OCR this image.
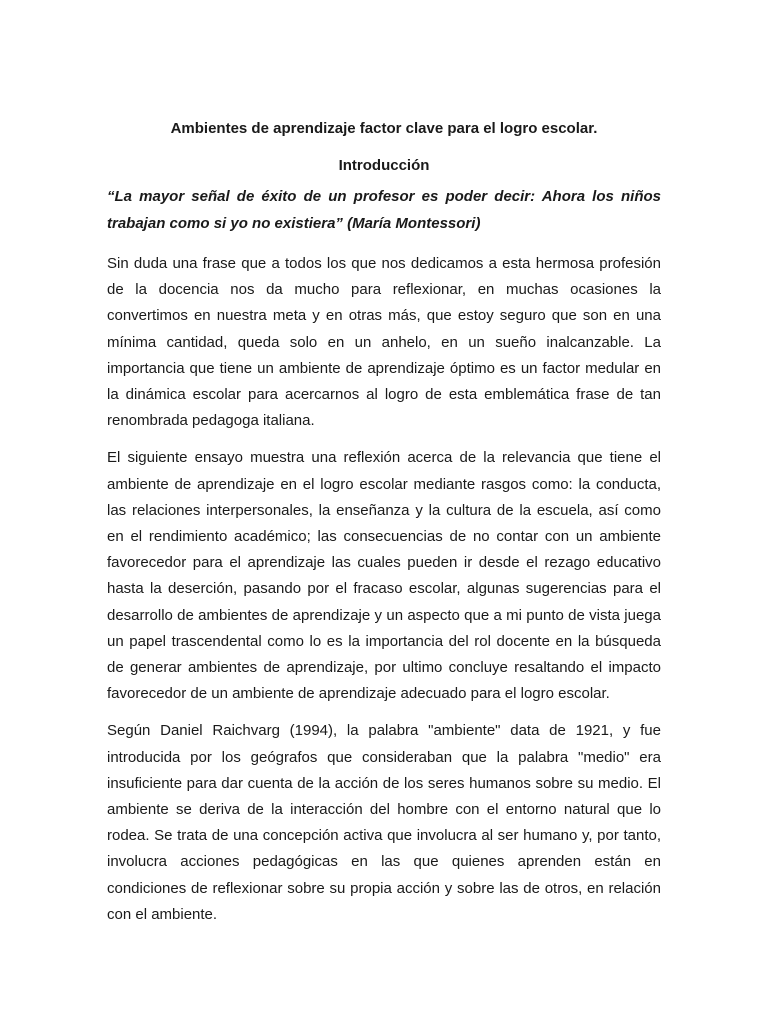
Ambientes de aprendizaje factor clave para el logro escolar.
Introducción

“La mayor señal de éxito de un profesor es poder decir: Ahora los niños trabajan como si yo no existiera” (María Montessori)

Sin duda una frase que a todos los que nos dedicamos a esta hermosa profesión de la docencia nos da mucho para reflexionar, en muchas ocasiones la convertimos en nuestra meta y en otras más, que estoy seguro que son en una mínima cantidad, queda solo en un anhelo, en un sueño inalcanzable. La importancia que tiene un ambiente de aprendizaje óptimo es un factor medular en la dinámica escolar para acercarnos al logro de esta emblemática frase de tan renombrada pedagoga italiana.

El siguiente ensayo muestra una reflexión acerca de la relevancia que tiene el ambiente de aprendizaje en el logro escolar mediante rasgos como: la conducta, las relaciones interpersonales, la enseñanza y la cultura de la escuela, así como en el rendimiento académico; las consecuencias de no contar con un ambiente favorecedor para el aprendizaje las cuales pueden ir desde el rezago educativo hasta la deserción, pasando por el fracaso escolar, algunas sugerencias para el desarrollo de ambientes de aprendizaje y un aspecto que a mi punto de vista juega un papel trascendental como lo es la importancia del rol docente en la búsqueda de generar ambientes de aprendizaje, por ultimo concluye resaltando el impacto favorecedor de un ambiente de aprendizaje adecuado para el logro escolar.

Según Daniel Raichvarg (1994), la palabra "ambiente" data de 1921, y fue introducida por los geógrafos que consideraban que la palabra "medio" era insuficiente para dar cuenta de la acción de los seres humanos sobre su medio. El ambiente se deriva de la interacción del hombre con el entorno natural que lo rodea. Se trata de una concepción activa que involucra al ser humano y, por tanto, involucra acciones pedagógicas en las que quienes aprenden están en condiciones de reflexionar sobre su propia acción y sobre las de otros, en relación con el ambiente.
